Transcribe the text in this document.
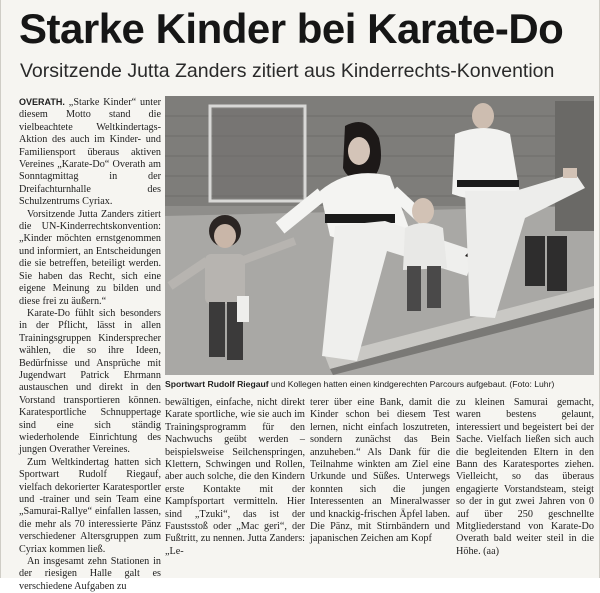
Starke Kinder bei Karate-Do
Vorsitzende Jutta Zanders zitiert aus Kinderrechts-Konvention

OVERATH. „Starke Kinder“ unter diesem Motto stand die vielbeachtete Weltkindertags-Aktion des auch im Kinder- und Familiensport überaus aktiven Vereines „Karate-Do“ Overath am Sonntagmittag in der Dreifachturnhalle des Schulzentrums Cyriax.

Vorsitzende Jutta Zanders zitiert die UN-Kinderrechtskonvention: „Kinder möchten ernstgenommen und informiert, an Entscheidungen die sie betreffen, beteiligt werden. Sie haben das Recht, sich eine eigene Meinung zu bilden und diese frei zu äußern.“

Karate-Do fühlt sich besonders in der Pflicht, lässt in allen Trainingsgruppen Kindersprecher wählen, die so ihre Ideen, Bedürfnisse und Ansprüche mit Jugendwart Patrick Ehrmann austauschen und direkt in den Vorstand transportieren können. Karatesportliche Schnuppertage sind eine sich ständig wiederholende Einrichtung des jungen Overather Vereines.

Zum Weltkindertag hatten sich Sportwart Rudolf Riegauf, vielfach dekorierter Karatesportler und -trainer und sein Team eine „Samurai-Rallye“ einfallen lassen, die mehr als 70 interessierte Pänz verschiedener Altersgruppen zum Cyriax kommen ließ.

An insgesamt zehn Stationen in der riesigen Halle galt es verschiedene Aufgaben zu

Sportwart Rudolf Riegauf und Kollegen hatten einen kindgerechten Parcours aufgebaut. (Foto: Luhr)

bewältigen, einfache, nicht direkt Karate sportliche, wie sie auch im Trainingsprogramm für den Nachwuchs geübt werden – beispielsweise Seilchenspringen, Klettern, Schwingen und Rollen, aber auch solche, die den Kindern erste Kontakte mit der Kampfsportart vermitteln. Hier sind „Tzuki“, das ist der Faustsstoß oder „Mac geri“, der Fußtritt, zu nennen. Jutta Zanders: „Le-

terer über eine Bank, damit die Kinder schon bei diesem Test lernen, nicht einfach loszutreten, sondern zunächst das Bein anzuheben.“ Als Dank für die Teilnahme winkten am Ziel eine Urkunde und Süßes. Unterwegs konnten sich die jungen Interessenten an Mineralwasser und knackig-frischen Äpfel laben. Die Pänz, mit Stirnbändern und japanischen Zeichen am Kopf

zu kleinen Samurai gemacht, waren bestens gelaunt, interessiert und begeistert bei der Sache. Vielfach ließen sich auch die begleitenden Eltern in den Bann des Karatesportes ziehen. Vielleicht, so das überaus engagierte Vorstandsteam, steigt so der in gut zwei Jahren von 0 auf über 250 geschnellte Mitgliederstand von Karate-Do Overath bald weiter steil in die Höhe. (aa)
